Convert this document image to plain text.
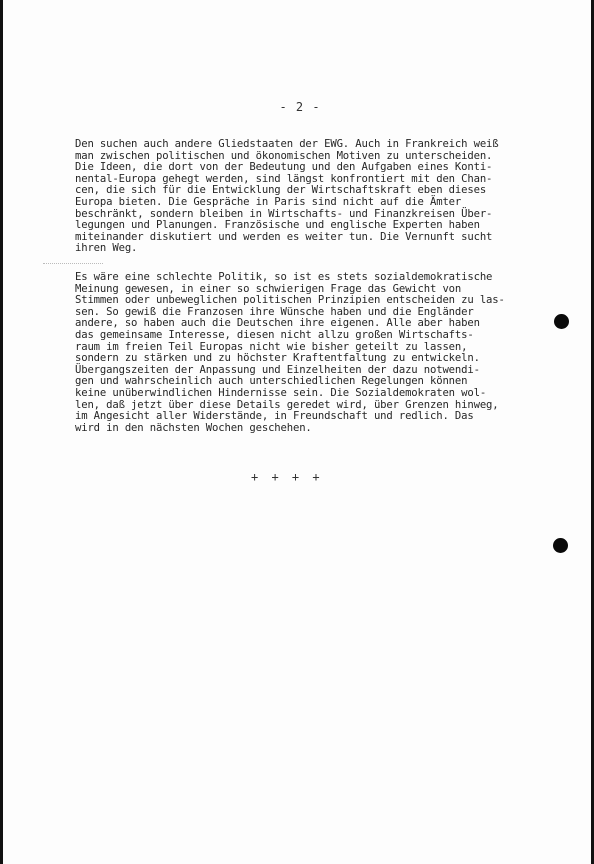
- 2 -
Den suchen auch andere Gliedstaaten der EWG. Auch in Frankreich weiß
man zwischen politischen und ökonomischen Motiven zu unterscheiden.
Die Ideen, die dort von der Bedeutung und den Aufgaben eines Konti-
nental-Europa gehegt werden, sind längst konfrontiert mit den Chan-
cen, die sich für die Entwicklung der Wirtschaftskraft eben dieses
Europa bieten. Die Gespräche in Paris sind nicht auf die Ämter
beschränkt, sondern bleiben in Wirtschafts- und Finanzkreisen Über-
legungen und Planungen. Französische und englische Experten haben
miteinander diskutiert und werden es weiter tun. Die Vernunft sucht
ihren Weg.
Es wäre eine schlechte Politik, so ist es stets sozialdemokratische
Meinung gewesen, in einer so schwierigen Frage das Gewicht von
Stimmen oder unbeweglichen politischen Prinzipien entscheiden zu las-
sen. So gewiß die Franzosen ihre Wünsche haben und die Engländer
andere, so haben auch die Deutschen ihre eigenen. Alle aber haben
das gemeinsame Interesse, diesen nicht allzu großen Wirtschafts-
raum im freien Teil Europas nicht wie bisher geteilt zu lassen,
sondern zu stärken und zu höchster Kraftentfaltung zu entwickeln.
Übergangszeiten der Anpassung und Einzelheiten der dazu notwendi-
gen und wahrscheinlich auch unterschiedlichen Regelungen können
keine unüberwindlichen Hindernisse sein. Die Sozialdemokraten wol-
len, daß jetzt über diese Details geredet wird, über Grenzen hinweg,
im Angesicht aller Widerstände, in Freundschaft und redlich. Das
wird in den nächsten Wochen geschehen.
+ + + +
